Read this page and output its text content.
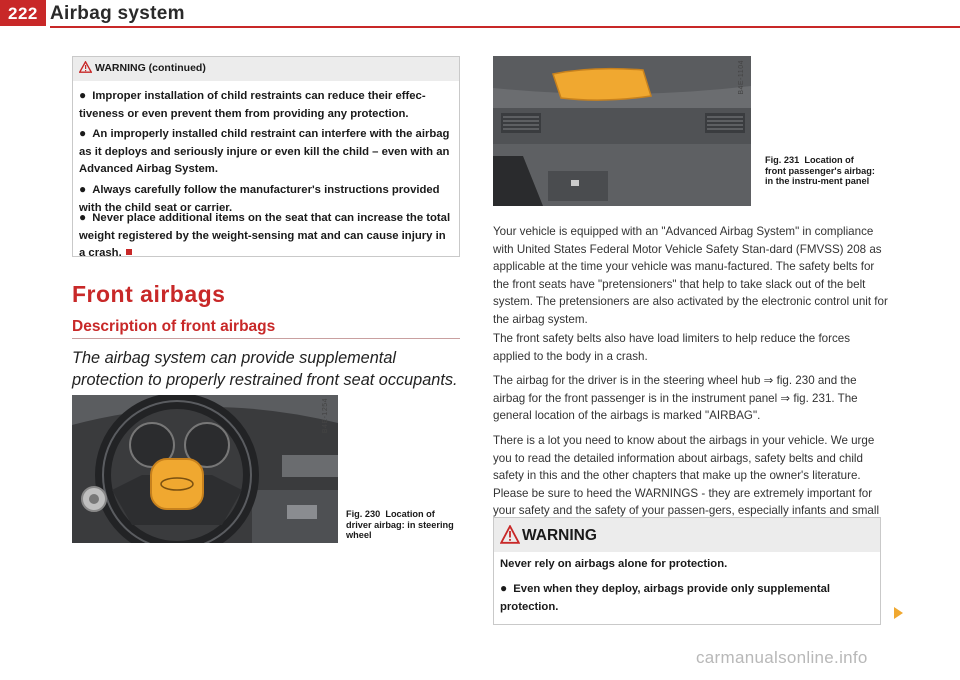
222 Airbag system
WARNING (continued)

● Improper installation of child restraints can reduce their effec-tiveness or even prevent them from providing any protection.

● An improperly installed child restraint can interfere with the airbag as it deploys and seriously injure or even kill the child – even with an Advanced Airbag System.

● Always carefully follow the manufacturer's instructions provided with the child seat or carrier.

● Never place additional items on the seat that can increase the total weight registered by the weight-sensing mat and can cause injury in a crash.

Front airbags
Description of front airbags

The airbag system can provide supplemental protection to properly restrained front seat occupants.

B4E-1254
Fig. 230 Location of driver airbag: in steering wheel
B4E-1104
Fig. 231 Location of front passenger's airbag: in the instru-ment panel

Your vehicle is equipped with an "Advanced Airbag System" in compliance with United States Federal Motor Vehicle Safety Stan-dard (FMVSS) 208 as applicable at the time your vehicle was manu-factured. The safety belts for the front seats have "pretensioners" that help to take slack out of the belt system. The pretensioners are also activated by the electronic control unit for the airbag system.

The front safety belts also have load limiters to help reduce the forces applied to the body in a crash.

The airbag for the driver is in the steering wheel hub ⇒ fig. 230 and the airbag for the front passenger is in the instrument panel ⇒ fig. 231. The general location of the airbags is marked "AIRBAG".

There is a lot you need to know about the airbags in your vehicle. We urge you to read the detailed information about airbags, safety belts and child safety in this and the other chapters that make up the owner's literature. Please be sure to heed the WARNINGS - they are extremely important for your safety and the safety of your passen-gers, especially infants and small

WARNING

Never rely on airbags alone for protection.

● Even when they deploy, airbags provide only supplemental protection.

carmanualsonline.info
